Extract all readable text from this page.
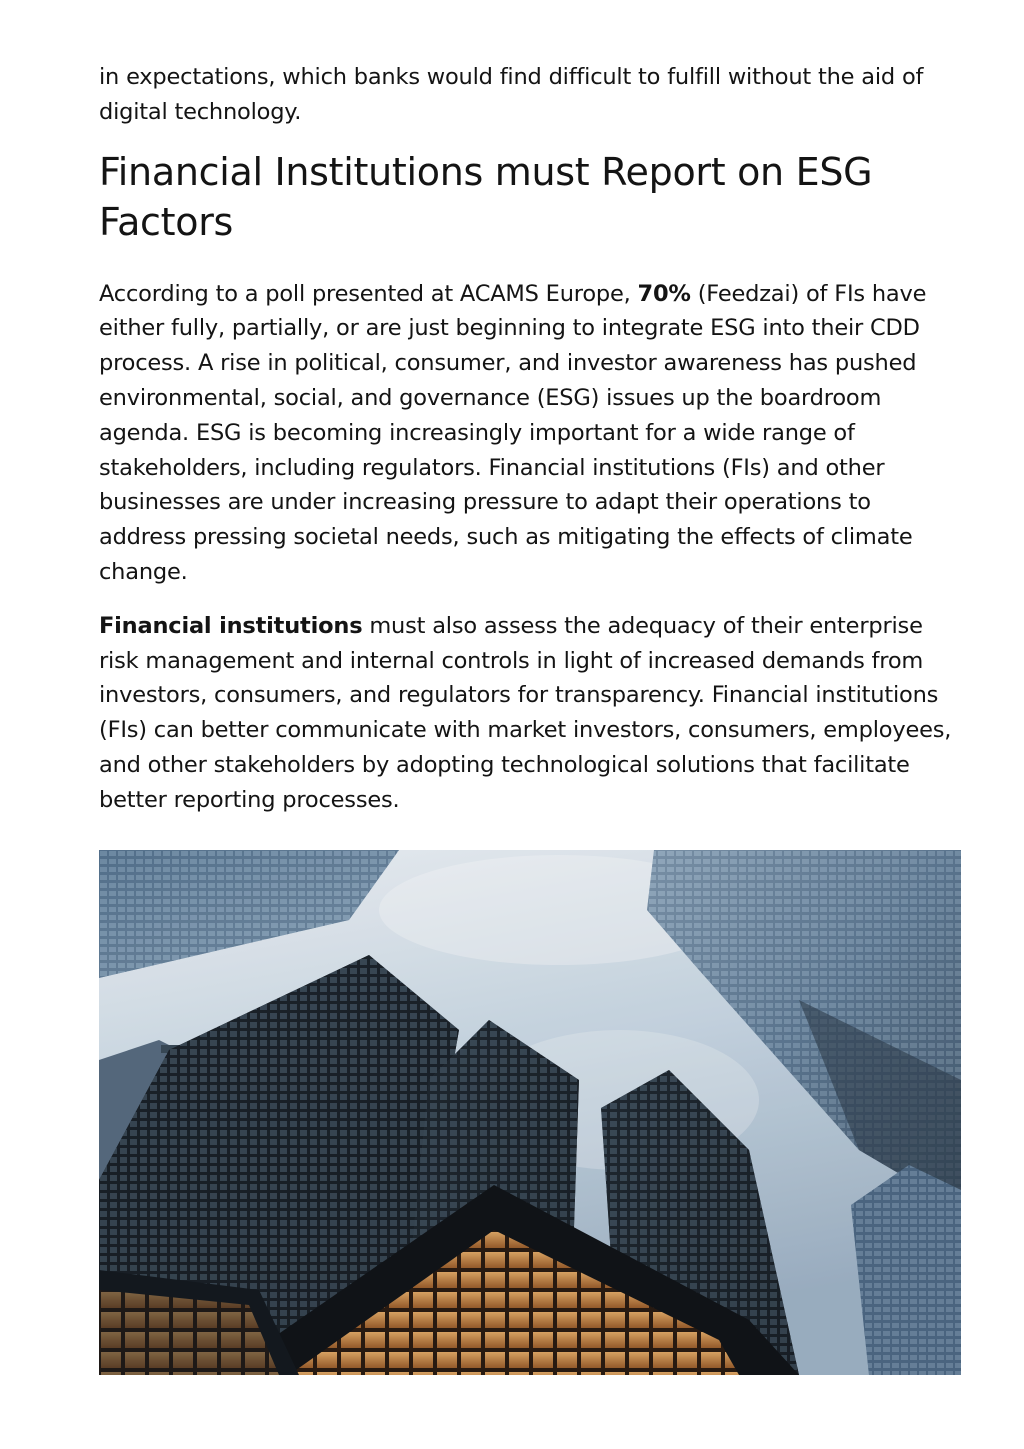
in expectations, which banks would find difficult to fulfill without the aid of digital technology.

Financial Institutions must Report on ESG Factors

According to a poll presented at ACAMS Europe, 70% (Feedzai) of FIs have either fully, partially, or are just beginning to integrate ESG into their CDD process. A rise in political, consumer, and investor awareness has pushed environmental, social, and governance (ESG) issues up the boardroom agenda. ESG is becoming increasingly important for a wide range of stakeholders, including regulators. Financial institutions (FIs) and other businesses are under increasing pressure to adapt their operations to address pressing societal needs, such as mitigating the effects of climate change.

Financial institutions must also assess the adequacy of their enterprise risk management and internal controls in light of increased demands from investors, consumers, and regulators for transparency. Financial institutions (FIs) can better communicate with market investors, consumers, employees, and other stakeholders by adopting technological solutions that facilitate better reporting processes.
